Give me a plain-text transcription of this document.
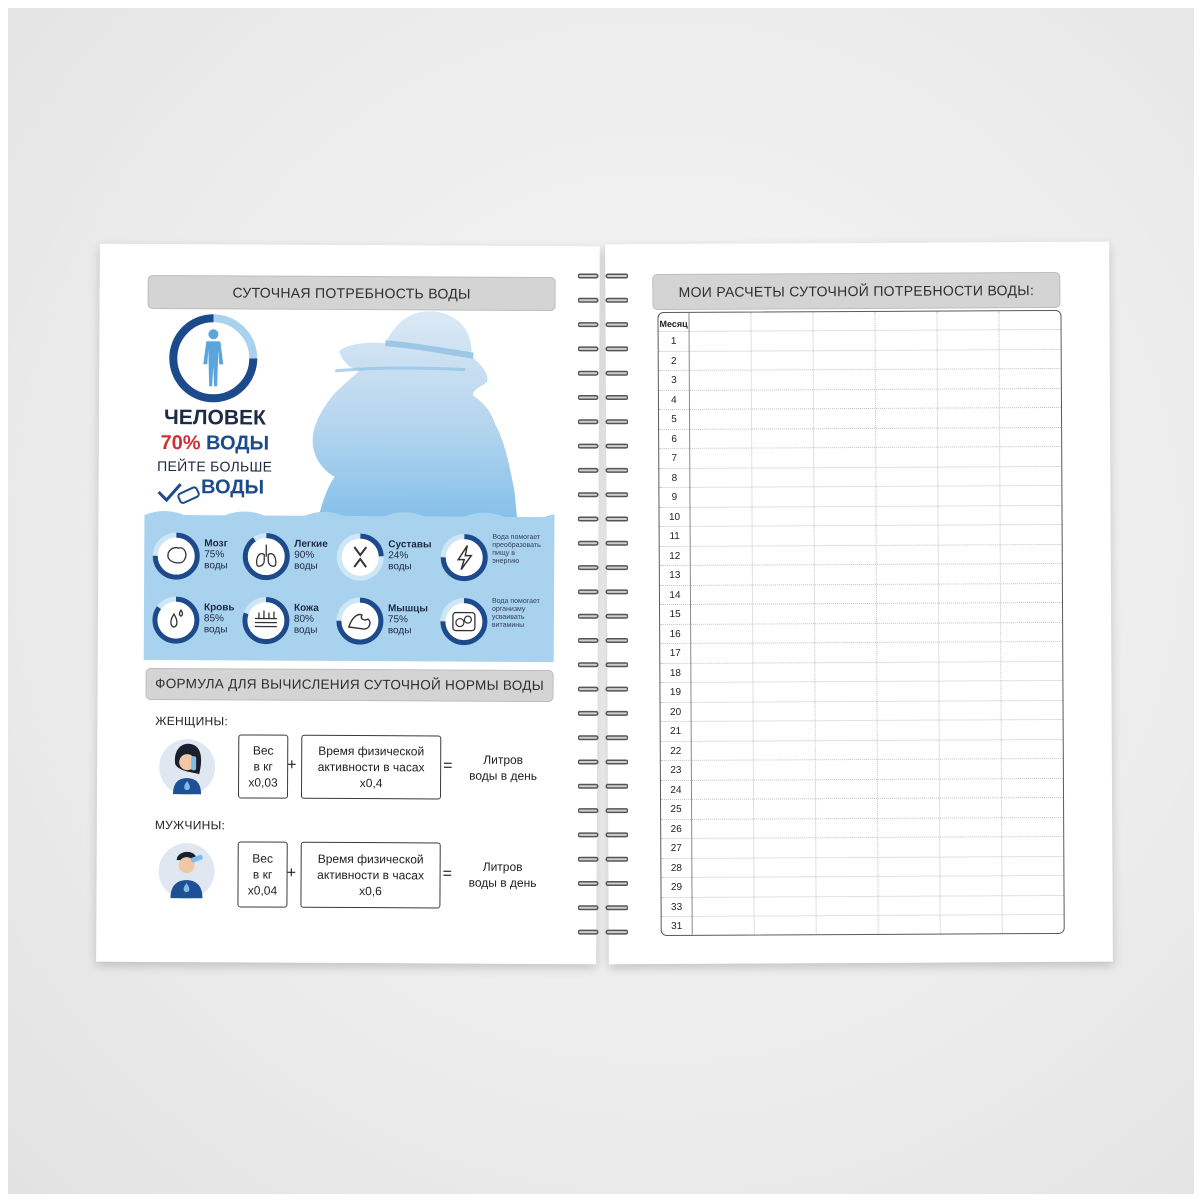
СУТОЧНАЯ ПОТРЕБНОСТЬ ВОДЫ
ЧЕЛОВЕК
70% ВОДЫ
ПЕЙТЕ БОЛЬШЕ
ВОДЫ
Мозг
75%
воды
Легкие
90%
воды
Суставы
24%
воды
Вода помогает преобразовать пищу в энергию
Кровь
85%
воды
Кожа
80%
воды
Мышцы
75%
воды
Вода помогает организму усваивать витамины
ФОРМУЛА ДЛЯ ВЫЧИСЛЕНИЯ СУТОЧНОЙ НОРМЫ ВОДЫ
ЖЕНЩИНЫ:
Вес
в кг
х0,03
+
Время физической
активности в часах
х0,4
=	Литров
воды в день
МУЖЧИНЫ:
Вес
в кг
х0,04
+
Время физической
активности в часах
х0,6
=	Литров
воды в день
МОИ РАСЧЕТЫ СУТОЧНОЙ ПОТРЕБНОСТИ ВОДЫ:
Месяц
1
2
3
4
5
6
7
8
9
10
11
12
13
14
15
16
17
18
19
20
21
22
23
24
25
26
27
28
29
33
31
